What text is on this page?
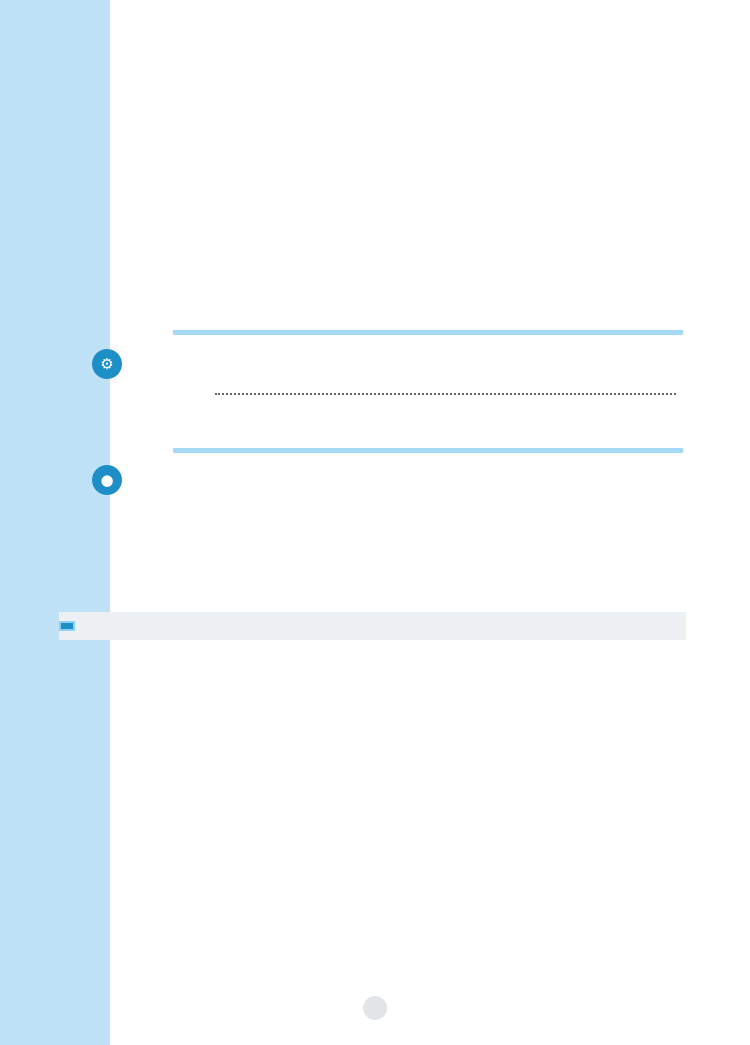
⚙
●
